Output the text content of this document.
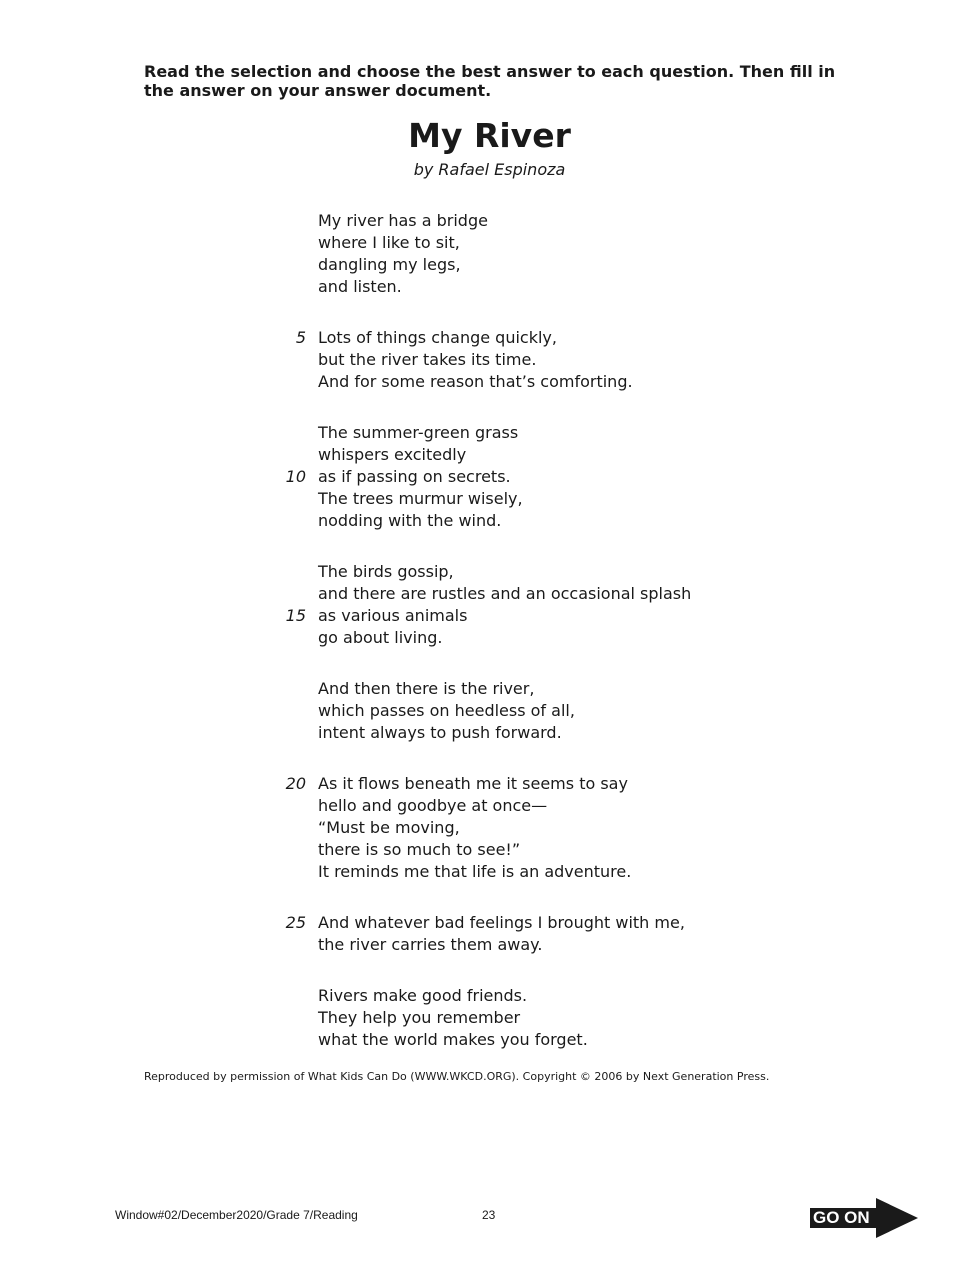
Read the selection and choose the best answer to each question. Then fill in the answer on your answer document.

My River

by Rafael Espinoza

My river has a bridge
where I like to sit,
dangling my legs,
and listen.
5 Lots of things change quickly,
but the river takes its time.
And for some reason that’s comforting.
The summer-green grass
whispers excitedly
10 as if passing on secrets.
The trees murmur wisely,
nodding with the wind.
The birds gossip,
and there are rustles and an occasional splash
15 as various animals
go about living.
And then there is the river,
which passes on heedless of all,
intent always to push forward.
20 As it flows beneath me it seems to say
hello and goodbye at once—
“Must be moving,
there is so much to see!”
It reminds me that life is an adventure.
25 And whatever bad feelings I brought with me,
the river carries them away.
Rivers make good friends.
They help you remember
what the world makes you forget.

Reproduced by permission of What Kids Can Do (WWW.WKCD.ORG). Copyright © 2006 by Next Generation Press.

Window#02/December2020/Grade 7/Reading	23	GO ON
